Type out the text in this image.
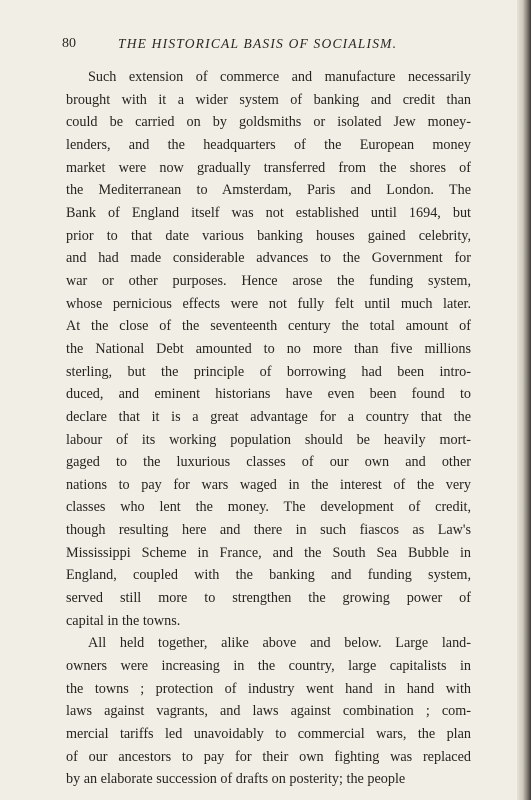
80	THE HISTORICAL BASIS OF SOCIALISM.
Such extension of commerce and manufacture necessarily
brought with it a wider system of banking and credit than
could be carried on by goldsmiths or isolated Jew money-
lenders, and the headquarters of the European money
market were now gradually transferred from the shores of
the Mediterranean to Amsterdam, Paris and London. The
Bank of England itself was not established until 1694, but
prior to that date various banking houses gained celebrity,
and had made considerable advances to the Government for
war or other purposes. Hence arose the funding system,
whose pernicious effects were not fully felt until much later.
At the close of the seventeenth century the total amount of
the National Debt amounted to no more than five millions
sterling, but the principle of borrowing had been intro-
duced, and eminent historians have even been found to
declare that it is a great advantage for a country that the
labour of its working population should be heavily mort-
gaged to the luxurious classes of our own and other
nations to pay for wars waged in the interest of the very
classes who lent the money. The development of credit,
though resulting here and there in such fiascos as Law's
Mississippi Scheme in France, and the South Sea Bubble in
England, coupled with the banking and funding system,
served still more to strengthen the growing power of
capital in the towns.
All held together, alike above and below. Large land-
owners were increasing in the country, large capitalists in
the towns ; protection of industry went hand in hand with
laws against vagrants, and laws against combination ; com-
mercial tariffs led unavoidably to commercial wars, the plan
of our ancestors to pay for their own fighting was replaced
by an elaborate succession of drafts on posterity; the people
